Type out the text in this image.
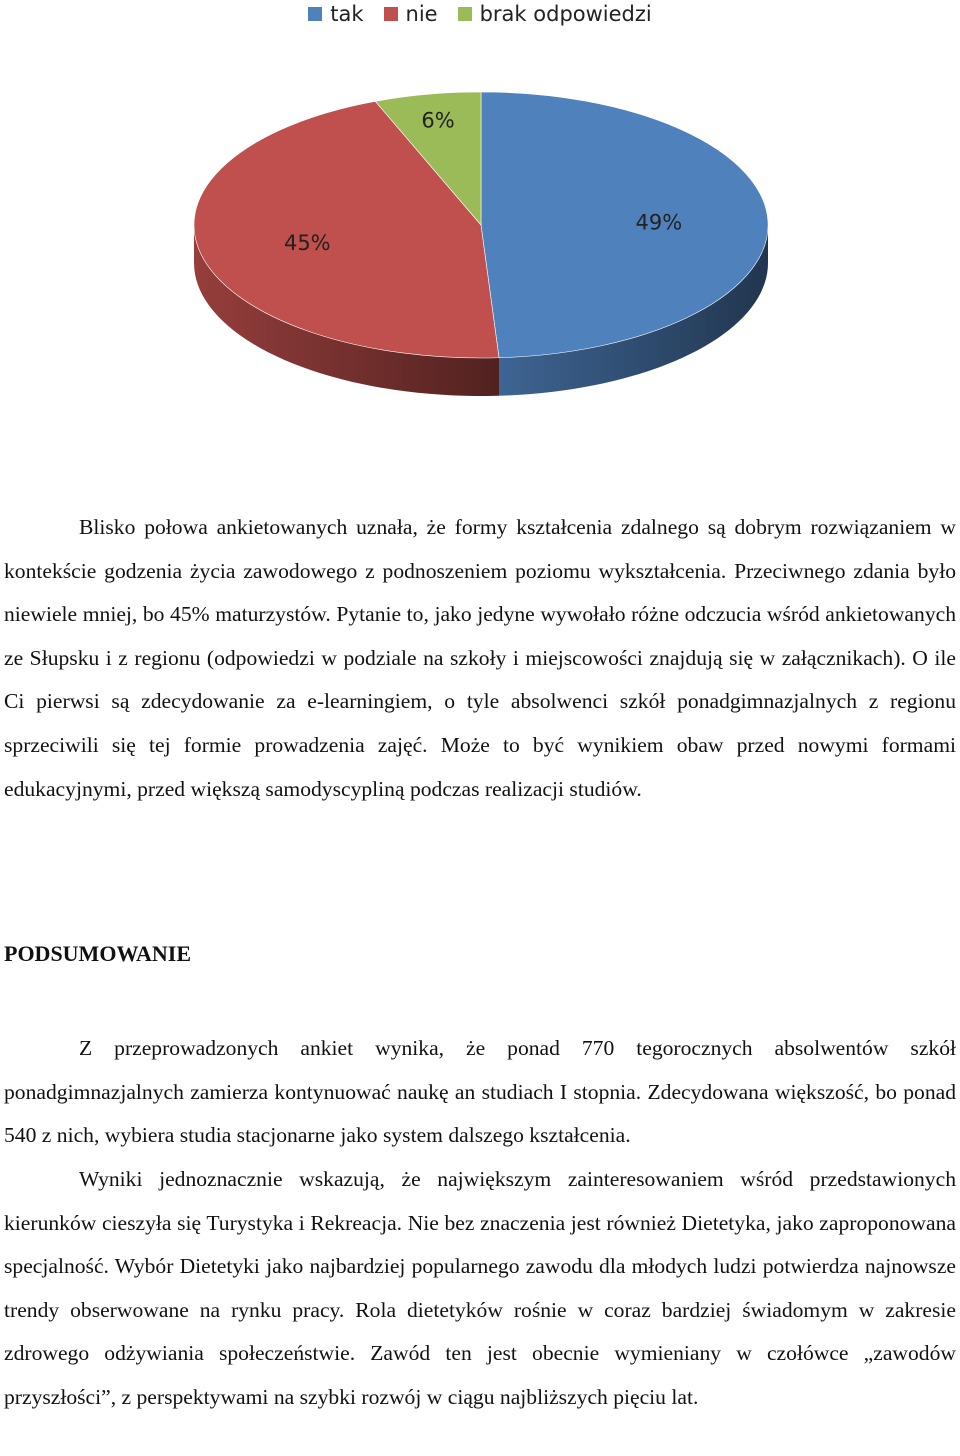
tak nie brak odpowiedzi
49%
45%
6%

Blisko połowa ankietowanych uznała, że formy kształcenia zdalnego są dobrym rozwiązaniem w kontekście godzenia życia zawodowego z podnoszeniem poziomu wykształcenia. Przeciwnego zdania było niewiele mniej, bo 45% maturzystów. Pytanie to, jako jedyne wywołało różne odczucia wśród ankietowanych ze Słupsku i z regionu (odpowiedzi w podziale na szkoły i miejscowości znajdują się w załącznikach). O ile Ci pierwsi są zdecydowanie za e-learningiem, o tyle absolwenci szkół ponadgimnazjalnych z regionu sprzeciwili się tej formie prowadzenia zajęć. Może to być wynikiem obaw przed nowymi formami edukacyjnymi, przed większą samodyscypliną podczas realizacji studiów.

PODSUMOWANIE

Z przeprowadzonych ankiet wynika, że ponad 770 tegorocznych absolwentów szkół ponadgimnazjalnych zamierza kontynuować naukę an studiach I stopnia. Zdecydowana większość, bo ponad 540 z nich, wybiera studia stacjonarne jako system dalszego kształcenia.

Wyniki jednoznacznie wskazują, że największym zainteresowaniem wśród przedstawionych kierunków cieszyła się Turystyka i Rekreacja. Nie bez znaczenia jest również Dietetyka, jako zaproponowana specjalność. Wybór Dietetyki jako najbardziej popularnego zawodu dla młodych ludzi potwierdza najnowsze trendy obserwowane na rynku pracy. Rola dietetyków rośnie w coraz bardziej świadomym w zakresie zdrowego odżywiania społeczeństwie. Zawód ten jest obecnie wymieniany w czołówce „zawodów przyszłości”, z perspektywami na szybki rozwój w ciągu najbliższych pięciu lat.
